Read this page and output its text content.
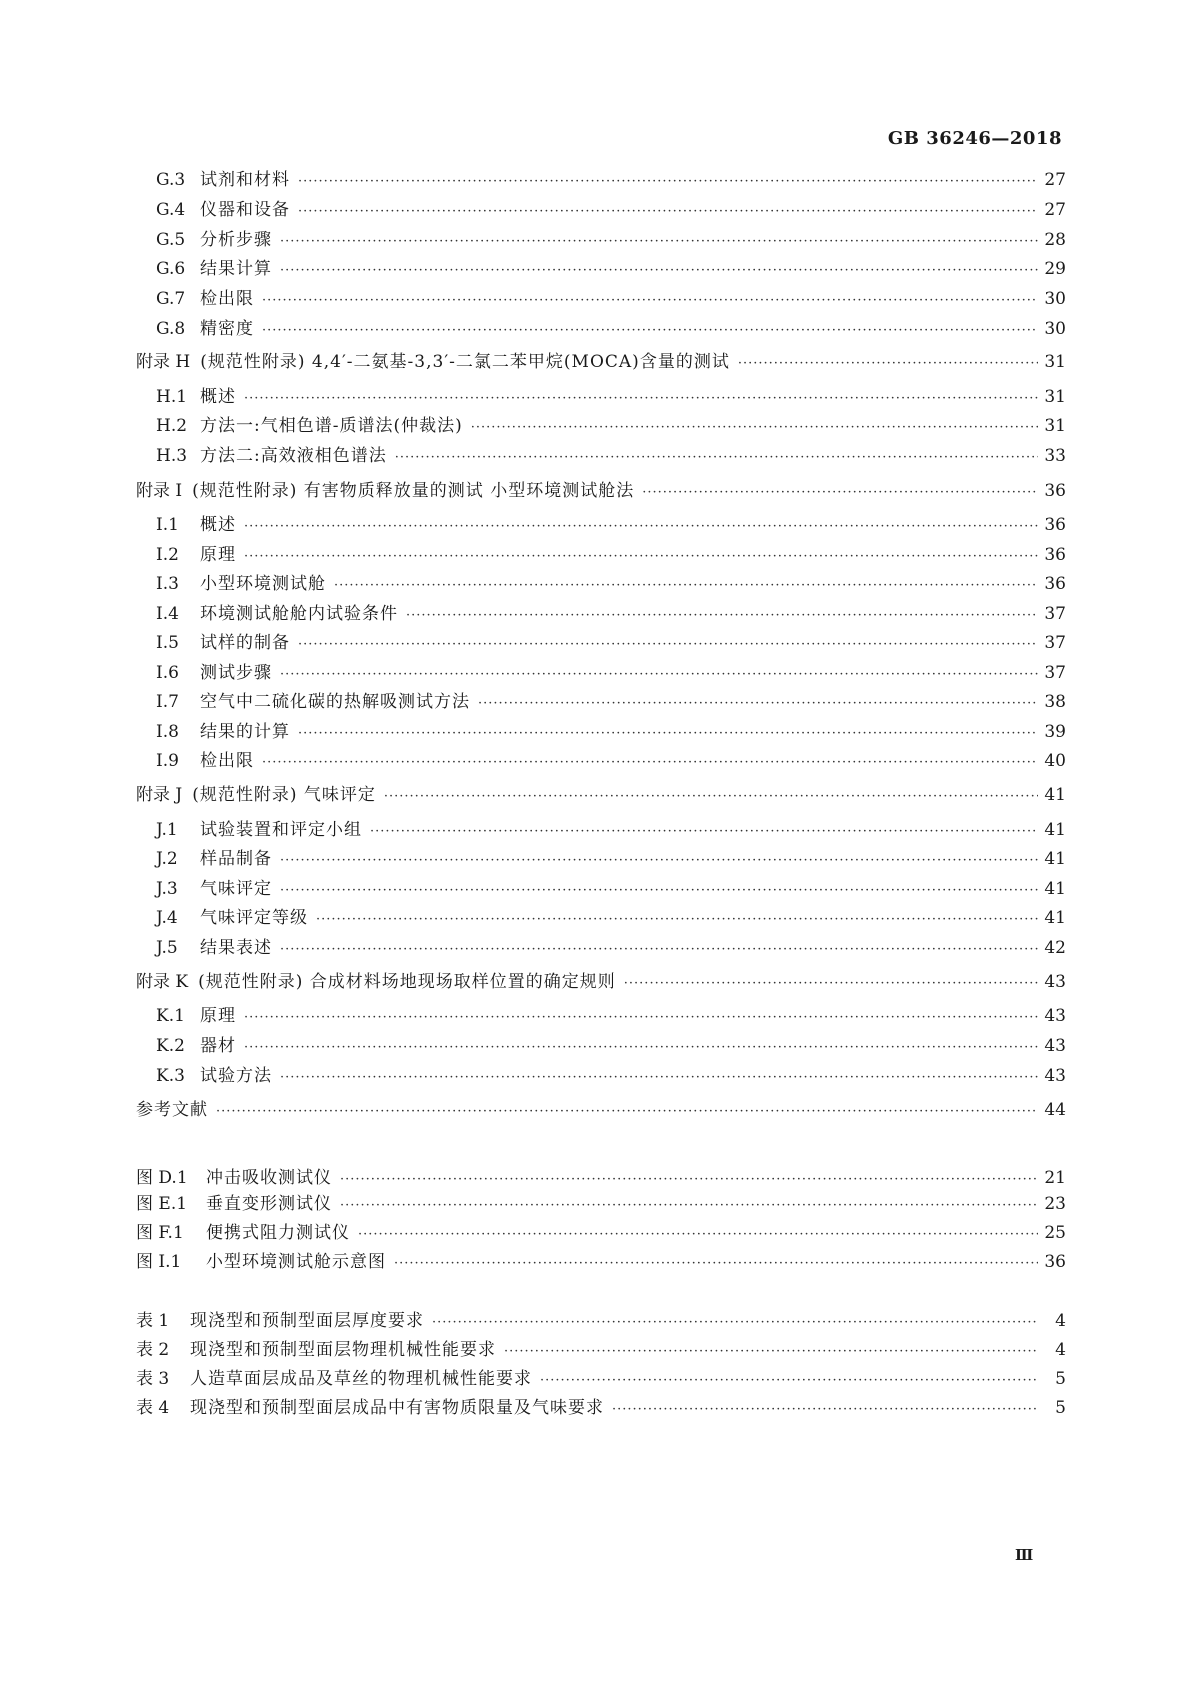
GB 36246—2018
G.3 试剂和材料 ·····	27
G.4 仪器和设备 ·····	27
G.5 分析步骤 ·····	28
G.6 结果计算 ·····	29
G.7 检出限 ·····	30
G.8 精密度 ·····	30
附录 H (规范性附录) 4,4′-二氨基-3,3′-二氯二苯甲烷(MOCA)含量的测试 ·····	31
H.1 概述 ·····	31
H.2 方法一:气相色谱-质谱法(仲裁法) ·····	31
H.3 方法二:高效液相色谱法 ·····	33
附录 I (规范性附录) 有害物质释放量的测试 小型环境测试舱法 ·····	36
I.1	概述 ·····	36
I.2	原理 ·····	36
I.3	小型环境测试舱 ·····	36
I.4	环境测试舱舱内试验条件 ·····	37
I.5	试样的制备 ·····	37
I.6	测试步骤 ·····	37
I.7	空气中二硫化碳的热解吸测试方法 ·····	38
I.8	结果的计算 ·····	39
I.9	检出限 ·····	40
附录 J (规范性附录) 气味评定 ·····	41
J.1	试验装置和评定小组 ·····	41
J.2	样品制备 ·····	41
J.3	气味评定 ·····	41
J.4	气味评定等级 ·····	41
J.5	结果表述 ·····	42
附录 K (规范性附录) 合成材料场地现场取样位置的确定规则 ·····	43
K.1 原理 ·····	43
K.2 器材 ·····	43
K.3 试验方法 ·····	43
参考文献 ·····	44
图 D.1	冲击吸收测试仪 ·····	21
图 E.1	垂直变形测试仪 ·····	23
图 F.1	便携式阻力测试仪 ·····	25
图 I.1	小型环境测试舱示意图 ·····	36
表 1	现浇型和预制型面层厚度要求 ·····	4
表 2	现浇型和预制型面层物理机械性能要求 ·····	4
表 3	人造草面层成品及草丝的物理机械性能要求 ·····	5
表 4	现浇型和预制型面层成品中有害物质限量及气味要求 ·····	5
Ⅲ
